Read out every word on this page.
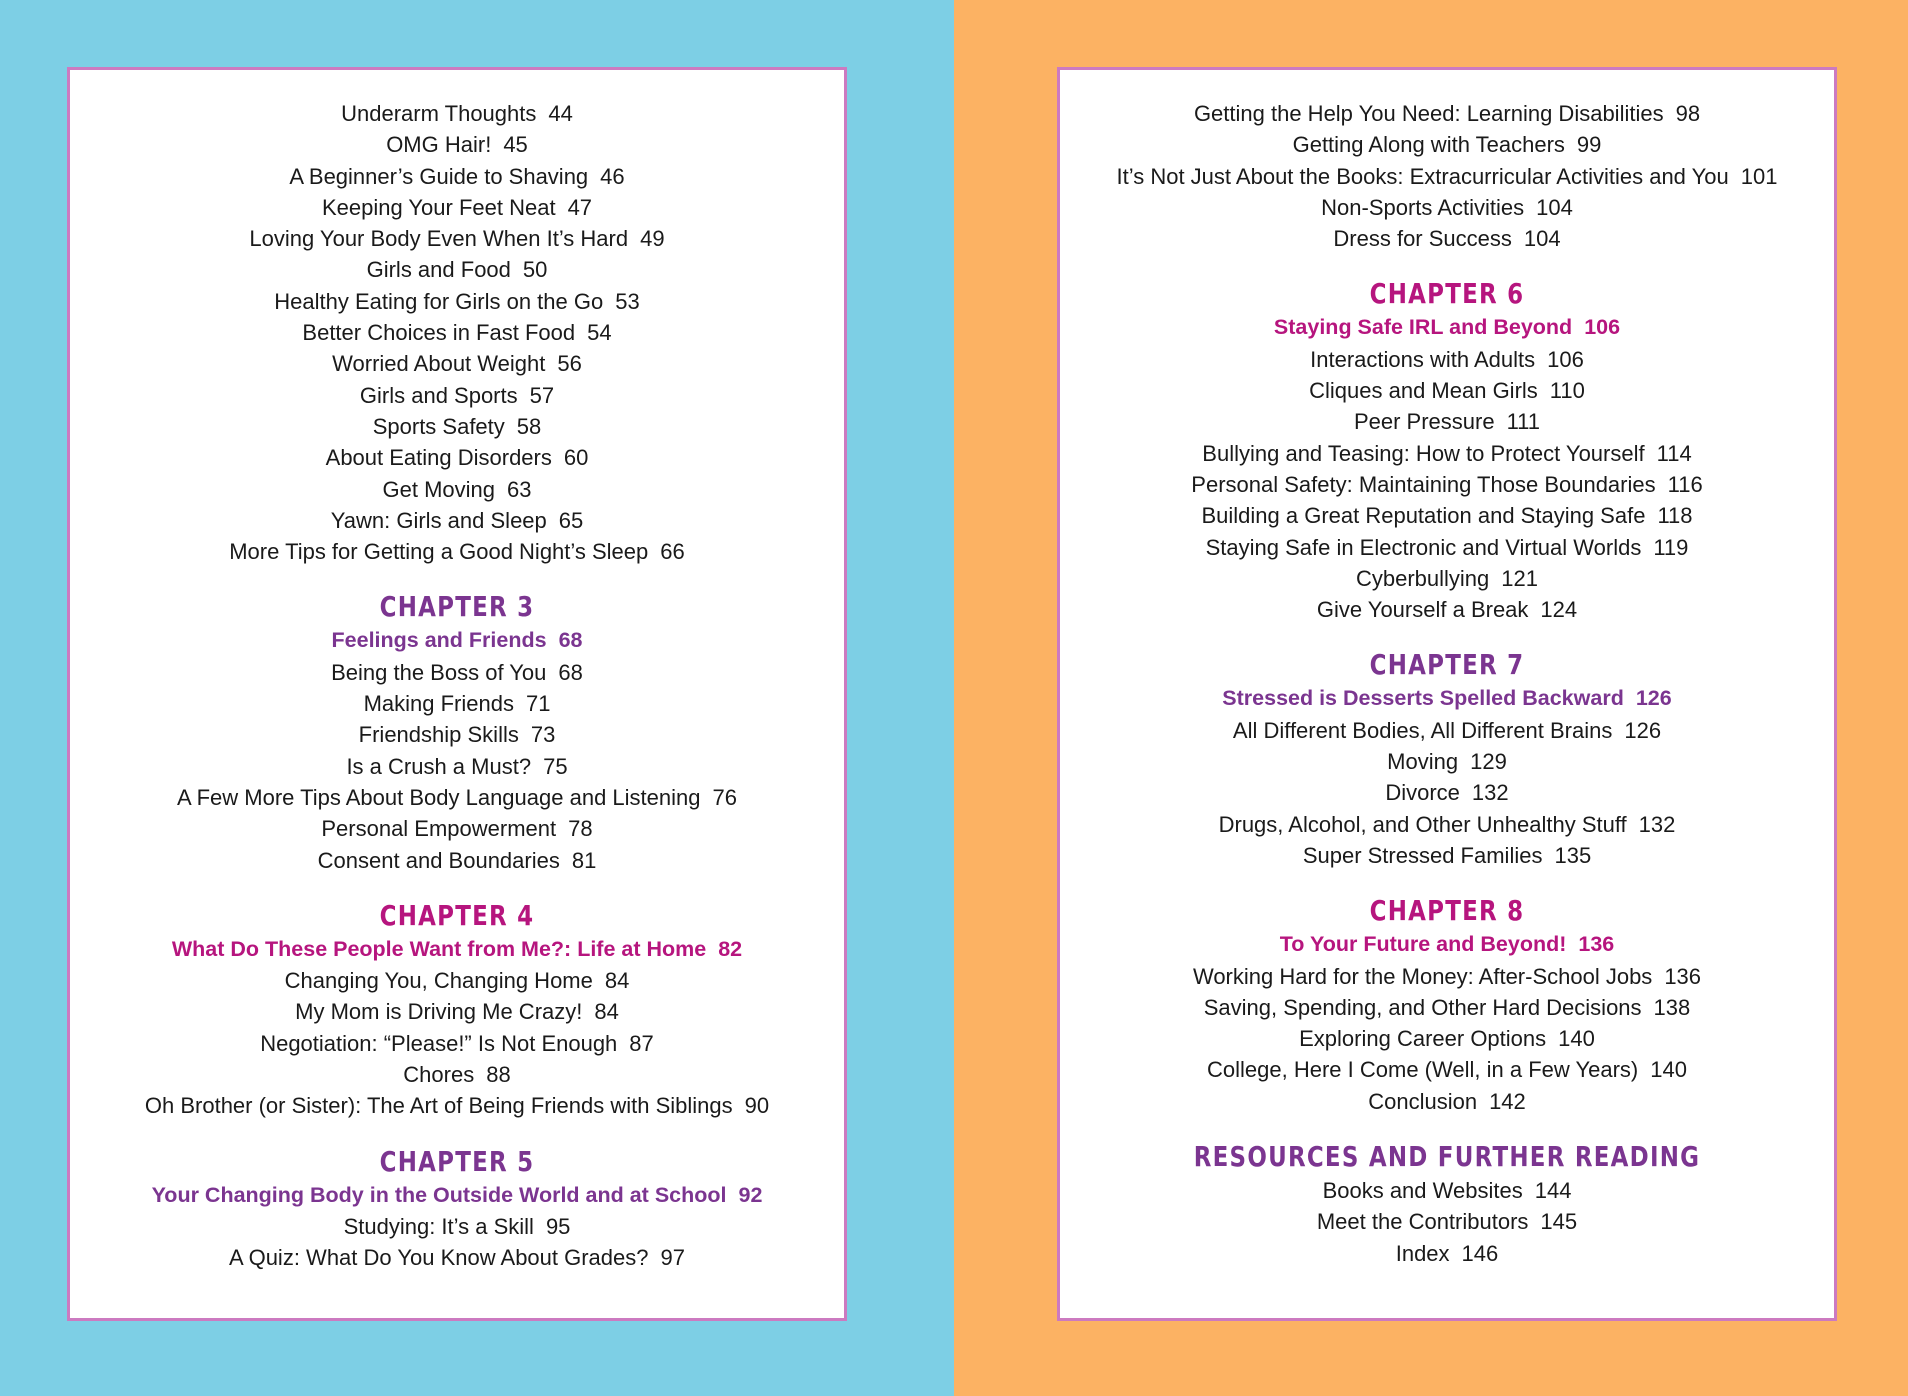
Underarm Thoughts 44
OMG Hair! 45
A Beginner’s Guide to Shaving 46
Keeping Your Feet Neat 47
Loving Your Body Even When It’s Hard 49
Girls and Food 50
Healthy Eating for Girls on the Go 53
Better Choices in Fast Food 54
Worried About Weight 56
Girls and Sports 57
Sports Safety 58
About Eating Disorders 60
Get Moving 63
Yawn: Girls and Sleep 65
More Tips for Getting a Good Night’s Sleep 66
CHAPTER 3
Feelings and Friends 68
Being the Boss of You 68
Making Friends 71
Friendship Skills 73
Is a Crush a Must? 75
A Few More Tips About Body Language and Listening 76
Personal Empowerment 78
Consent and Boundaries 81
CHAPTER 4
What Do These People Want from Me?: Life at Home 82
Changing You, Changing Home 84
My Mom is Driving Me Crazy! 84
Negotiation: “Please!” Is Not Enough 87
Chores 88
Oh Brother (or Sister): The Art of Being Friends with Siblings 90
CHAPTER 5
Your Changing Body in the Outside World and at School 92
Studying: It’s a Skill 95
A Quiz: What Do You Know About Grades? 97
Getting the Help You Need: Learning Disabilities 98
Getting Along with Teachers 99
It’s Not Just About the Books: Extracurricular Activities and You 101
Non-Sports Activities 104
Dress for Success 104
CHAPTER 6
Staying Safe IRL and Beyond 106
Interactions with Adults 106
Cliques and Mean Girls 110
Peer Pressure 111
Bullying and Teasing: How to Protect Yourself 114
Personal Safety: Maintaining Those Boundaries 116
Building a Great Reputation and Staying Safe 118
Staying Safe in Electronic and Virtual Worlds 119
Cyberbullying 121
Give Yourself a Break 124
CHAPTER 7
Stressed is Desserts Spelled Backward 126
All Different Bodies, All Different Brains 126
Moving 129
Divorce 132
Drugs, Alcohol, and Other Unhealthy Stuff 132
Super Stressed Families 135
CHAPTER 8
To Your Future and Beyond! 136
Working Hard for the Money: After-School Jobs 136
Saving, Spending, and Other Hard Decisions 138
Exploring Career Options 140
College, Here I Come (Well, in a Few Years) 140
Conclusion 142
RESOURCES AND FURTHER READING
Books and Websites 144
Meet the Contributors 145
Index 146
